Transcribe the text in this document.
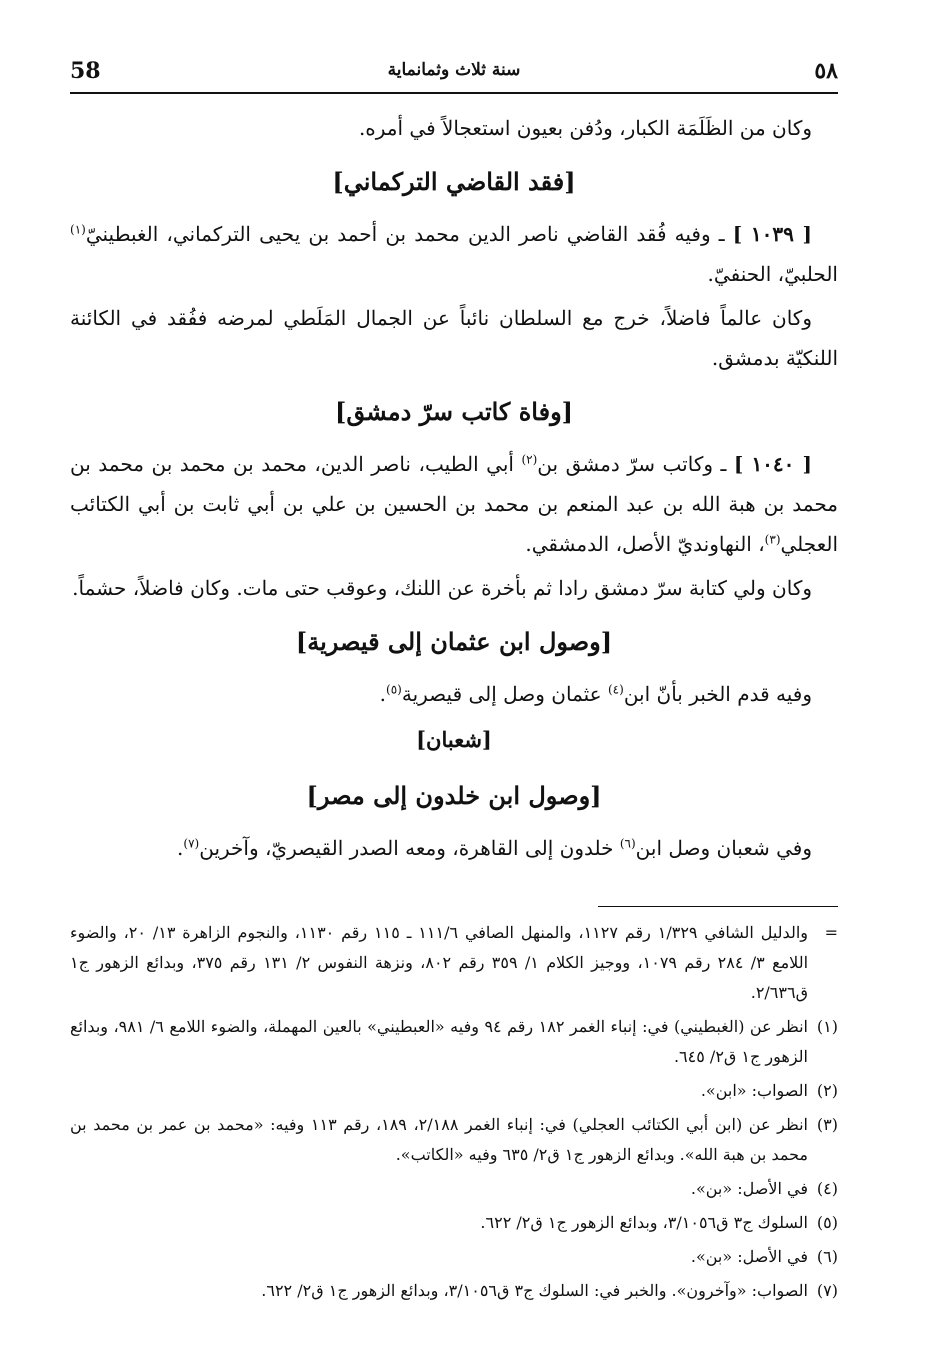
58	سنة ثلاث وثمانماية	٥٨

وكان من الظَلَمَة الكبار، ودُفن بعيون استعجالاً في أمره.

[فقد القاضي التركماني]

[ ١٠٣٩ ] ـ وفيه فُقد القاضي ناصر الدين محمد بن أحمد بن يحيى التركماني، الغبطينيّ$^{(١)}$ الحلبيّ، الحنفيّ.

وكان عالماً فاضلاً، خرج مع السلطان نائباً عن الجمال المَلَطي لمرضه ففُقد في الكائنة اللنكيّة بدمشق.

[وفاة كاتب سرّ دمشق]

[ ١٠٤٠ ] ـ وكاتب سرّ دمشق بن$^{(٢)}$ أبي الطيب، ناصر الدين، محمد بن محمد بن محمد بن محمد بن هبة الله بن عبد المنعم بن محمد بن الحسين بن علي بن أبي ثابت بن أبي الكتائب العجلي$^{(٣)}$، النهاونديّ الأصل، الدمشقي.

وكان ولي كتابة سرّ دمشق رادا ثم بأخرة عن اللنك، وعوقب حتى مات. وكان فاضلاً، حشماً.

[وصول ابن عثمان إلى قيصرية]

وفيه قدم الخبر بأنّ ابن$^{(٤)}$ عثمان وصل إلى قيصرية$^{(٥)}$.

[شعبان]
[وصول ابن خلدون إلى مصر]

وفي شعبان وصل ابن$^{(٦)}$ خلدون إلى القاهرة، ومعه الصدر القيصريّ، وآخرين$^{(٧)}$.

=
والدليل الشافي ١/٣٢٩ رقم ١١٢٧، والمنهل الصافي ١١١/٦ ـ ١١٥ رقم ١١٣٠، والنجوم الزاهرة ١٣/ ٢٠، والضوء اللامع ٣/ ٢٨٤ رقم ١٠٧٩، ووجيز الكلام ١/ ٣٥٩ رقم ٨٠٢، ونزهة النفوس ٢/ ١٣١ رقم ٣٧٥، وبدائع الزهور ج١ ق٢/٦٣٦.
(١)
انظر عن (الغبطيني) في: إنباء الغمر ١٨٢ رقم ٩٤ وفيه «العبطيني» بالعين المهملة، والضوء اللامع ٦/ ٩٨١، وبدائع الزهور ج١ ق٢/ ٦٤٥.
(٢)
الصواب: «ابن».
(٣)
انظر عن (ابن أبي الكتائب العجلي) في: إنباء الغمر ٢/١٨٨، ١٨٩، رقم ١١٣ وفيه: «محمد بن عمر بن محمد بن محمد بن هبة الله». وبدائع الزهور ج١ ق٢/ ٦٣٥ وفيه «الكاتب».
(٤)
في الأصل: «بن».
(٥)
السلوك ج٣ ق٣/١٠٥٦، وبدائع الزهور ج١ ق٢/ ٦٢٢.
(٦)
في الأصل: «بن».
(٧)
الصواب: «وآخرون». والخبر في: السلوك ج٣ ق٣/١٠٥٦، وبدائع الزهور ج١ ق٢/ ٦٢٢.
